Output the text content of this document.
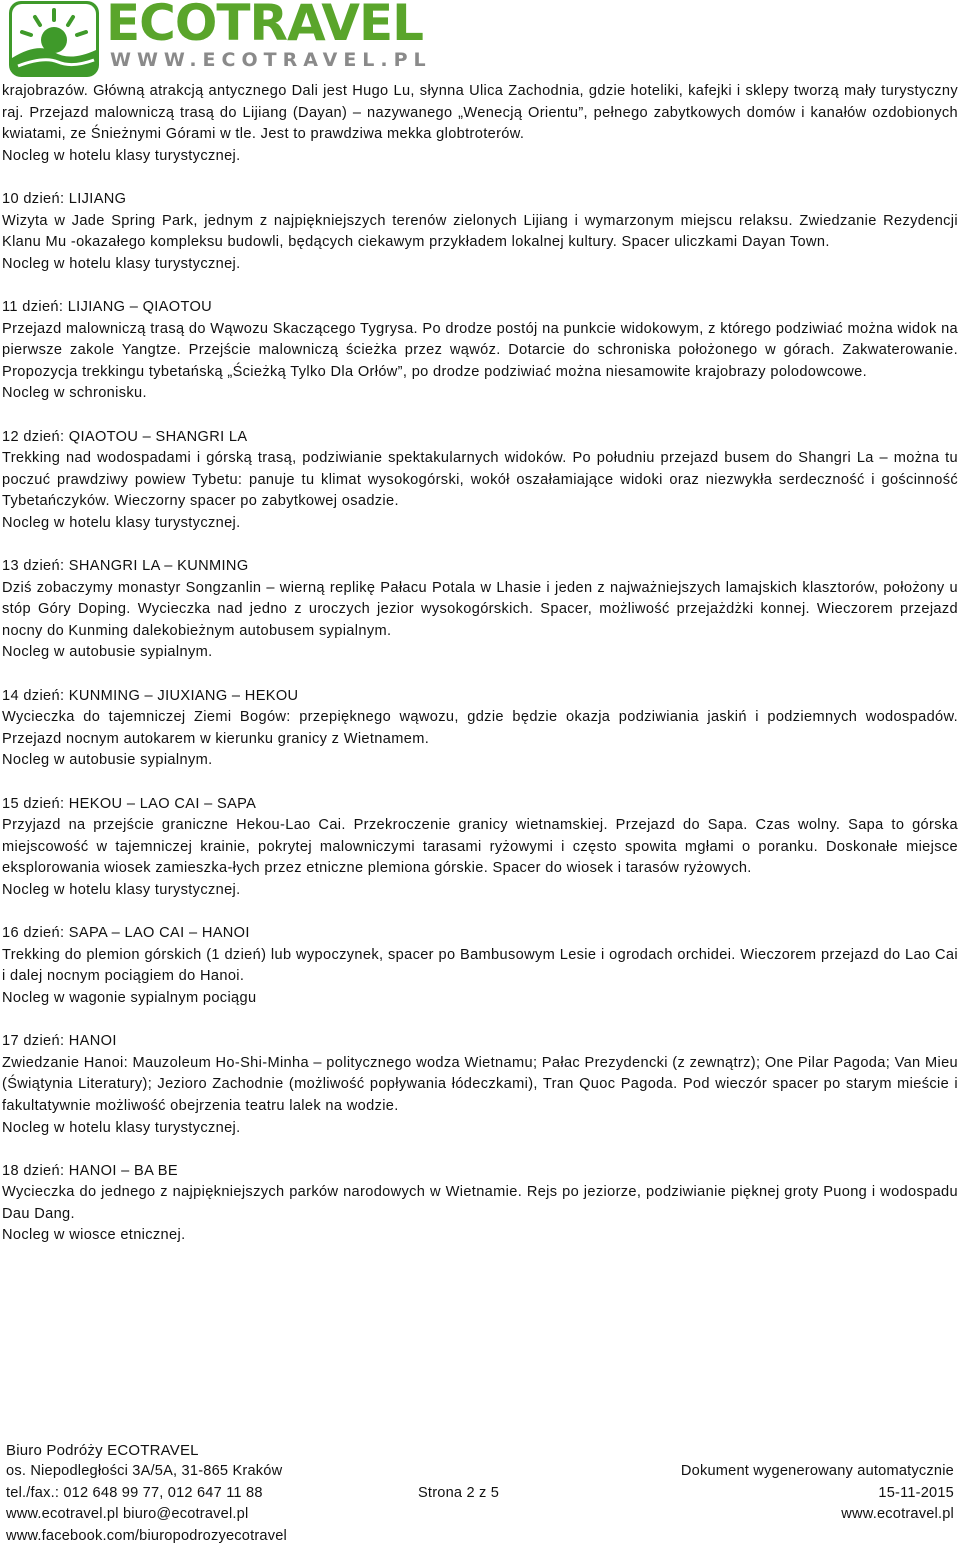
ECOTRAVEL
WWW.ECOTRAVEL.PL

krajobrazów. Główną atrakcją antycznego Dali jest Hugo Lu, słynna Ulica Zachodnia, gdzie hoteliki, kafejki i sklepy tworzą mały turystyczny raj. Przejazd malowniczą trasą do Lijiang (Dayan) – nazywanego „Wenecją Orientu”, pełnego zabytkowych domów i kanałów ozdobionych kwiatami, ze Śnieżnymi Górami w tle. Jest to prawdziwa mekka globtroterów.

Nocleg w hotelu klasy turystycznej.

10 dzień: LIJIANG

Wizyta w Jade Spring Park, jednym z najpiękniejszych terenów zielonych Lijiang i wymarzonym miejscu relaksu. Zwiedzanie Rezydencji Klanu Mu -okazałego kompleksu budowli, będących ciekawym przykładem lokalnej kultury. Spacer uliczkami Dayan Town.

Nocleg w hotelu klasy turystycznej.

11 dzień: LIJIANG – QIAOTOU

Przejazd malowniczą trasą do Wąwozu Skaczącego Tygrysa. Po drodze postój na punkcie widokowym, z którego podziwiać można widok na pierwsze zakole Yangtze. Przejście malowniczą ścieżka przez wąwóz. Dotarcie do schroniska położonego w górach. Zakwaterowanie. Propozycja trekkingu tybetańską „Ścieżką Tylko Dla Orłów”, po drodze podziwiać można niesamowite krajobrazy polodowcowe.

Nocleg w schronisku.

12 dzień: QIAOTOU – SHANGRI LA

Trekking nad wodospadami i górską trasą, podziwianie spektakularnych widoków. Po południu przejazd busem do Shangri La – można tu poczuć prawdziwy powiew Tybetu: panuje tu klimat wysokogórski, wokół oszałamiające widoki oraz niezwykła serdeczność i gościnność Tybetańczyków. Wieczorny spacer po zabytkowej osadzie.

Nocleg w hotelu klasy turystycznej.

13 dzień: SHANGRI LA – KUNMING

Dziś zobaczymy monastyr Songzanlin – wierną replikę Pałacu Potala w Lhasie i jeden z najważniejszych lamajskich klasztorów, położony u stóp Góry Doping. Wycieczka nad jedno z uroczych jezior wysokogórskich. Spacer, możliwość przejażdżki konnej. Wieczorem przejazd nocny do Kunming dalekobieżnym autobusem sypialnym.

Nocleg w autobusie sypialnym.

14 dzień: KUNMING – JIUXIANG – HEKOU

Wycieczka do tajemniczej Ziemi Bogów: przepięknego wąwozu, gdzie będzie okazja podziwiania jaskiń i podziemnych wodospadów. Przejazd nocnym autokarem w kierunku granicy z Wietnamem.

Nocleg w autobusie sypialnym.

15 dzień: HEKOU – LAO CAI – SAPA

Przyjazd na przejście graniczne Hekou-Lao Cai. Przekroczenie granicy wietnamskiej. Przejazd do Sapa. Czas wolny. Sapa to górska miejscowość w tajemniczej krainie, pokrytej malowniczymi tarasami ryżowymi i często spowita mgłami o poranku. Doskonałe miejsce eksplorowania wiosek zamieszka-łych przez etniczne plemiona górskie. Spacer do wiosek i tarasów ryżowych.

Nocleg w hotelu klasy turystycznej.

16 dzień: SAPA – LAO CAI – HANOI

Trekking do plemion górskich (1 dzień) lub wypoczynek, spacer po Bambusowym Lesie i ogrodach orchidei. Wieczorem przejazd do Lao Cai i dalej nocnym pociągiem do Hanoi.

Nocleg w wagonie sypialnym pociągu

17 dzień: HANOI

Zwiedzanie Hanoi: Mauzoleum Ho-Shi-Minha – politycznego wodza Wietnamu; Pałac Prezydencki (z zewnątrz); One Pilar Pagoda; Van Mieu (Świątynia Literatury); Jezioro Zachodnie (możliwość popływania łódeczkami), Tran Quoc Pagoda. Pod wieczór spacer po starym mieście i fakultatywnie możliwość obejrzenia teatru lalek na wodzie.

Nocleg w hotelu klasy turystycznej.

18 dzień: HANOI – BA BE

Wycieczka do jednego z najpiękniejszych parków narodowych w Wietnamie. Rejs po jeziorze, podziwianie pięknej groty Puong i wodospadu Dau Dang.

Nocleg w wiosce etnicznej.

Biuro Podróży ECOTRAVEL
os. Niepodległości 3A/5A, 31-865 Kraków
tel./fax.: 012 648 99 77, 012 647 11 88
www.ecotravel.pl biuro@ecotravel.pl
www.facebook.com/biuropodrozyecotravel
Strona 2 z 5
Dokument wygenerowany automatycznie
15-11-2015
www.ecotravel.pl
